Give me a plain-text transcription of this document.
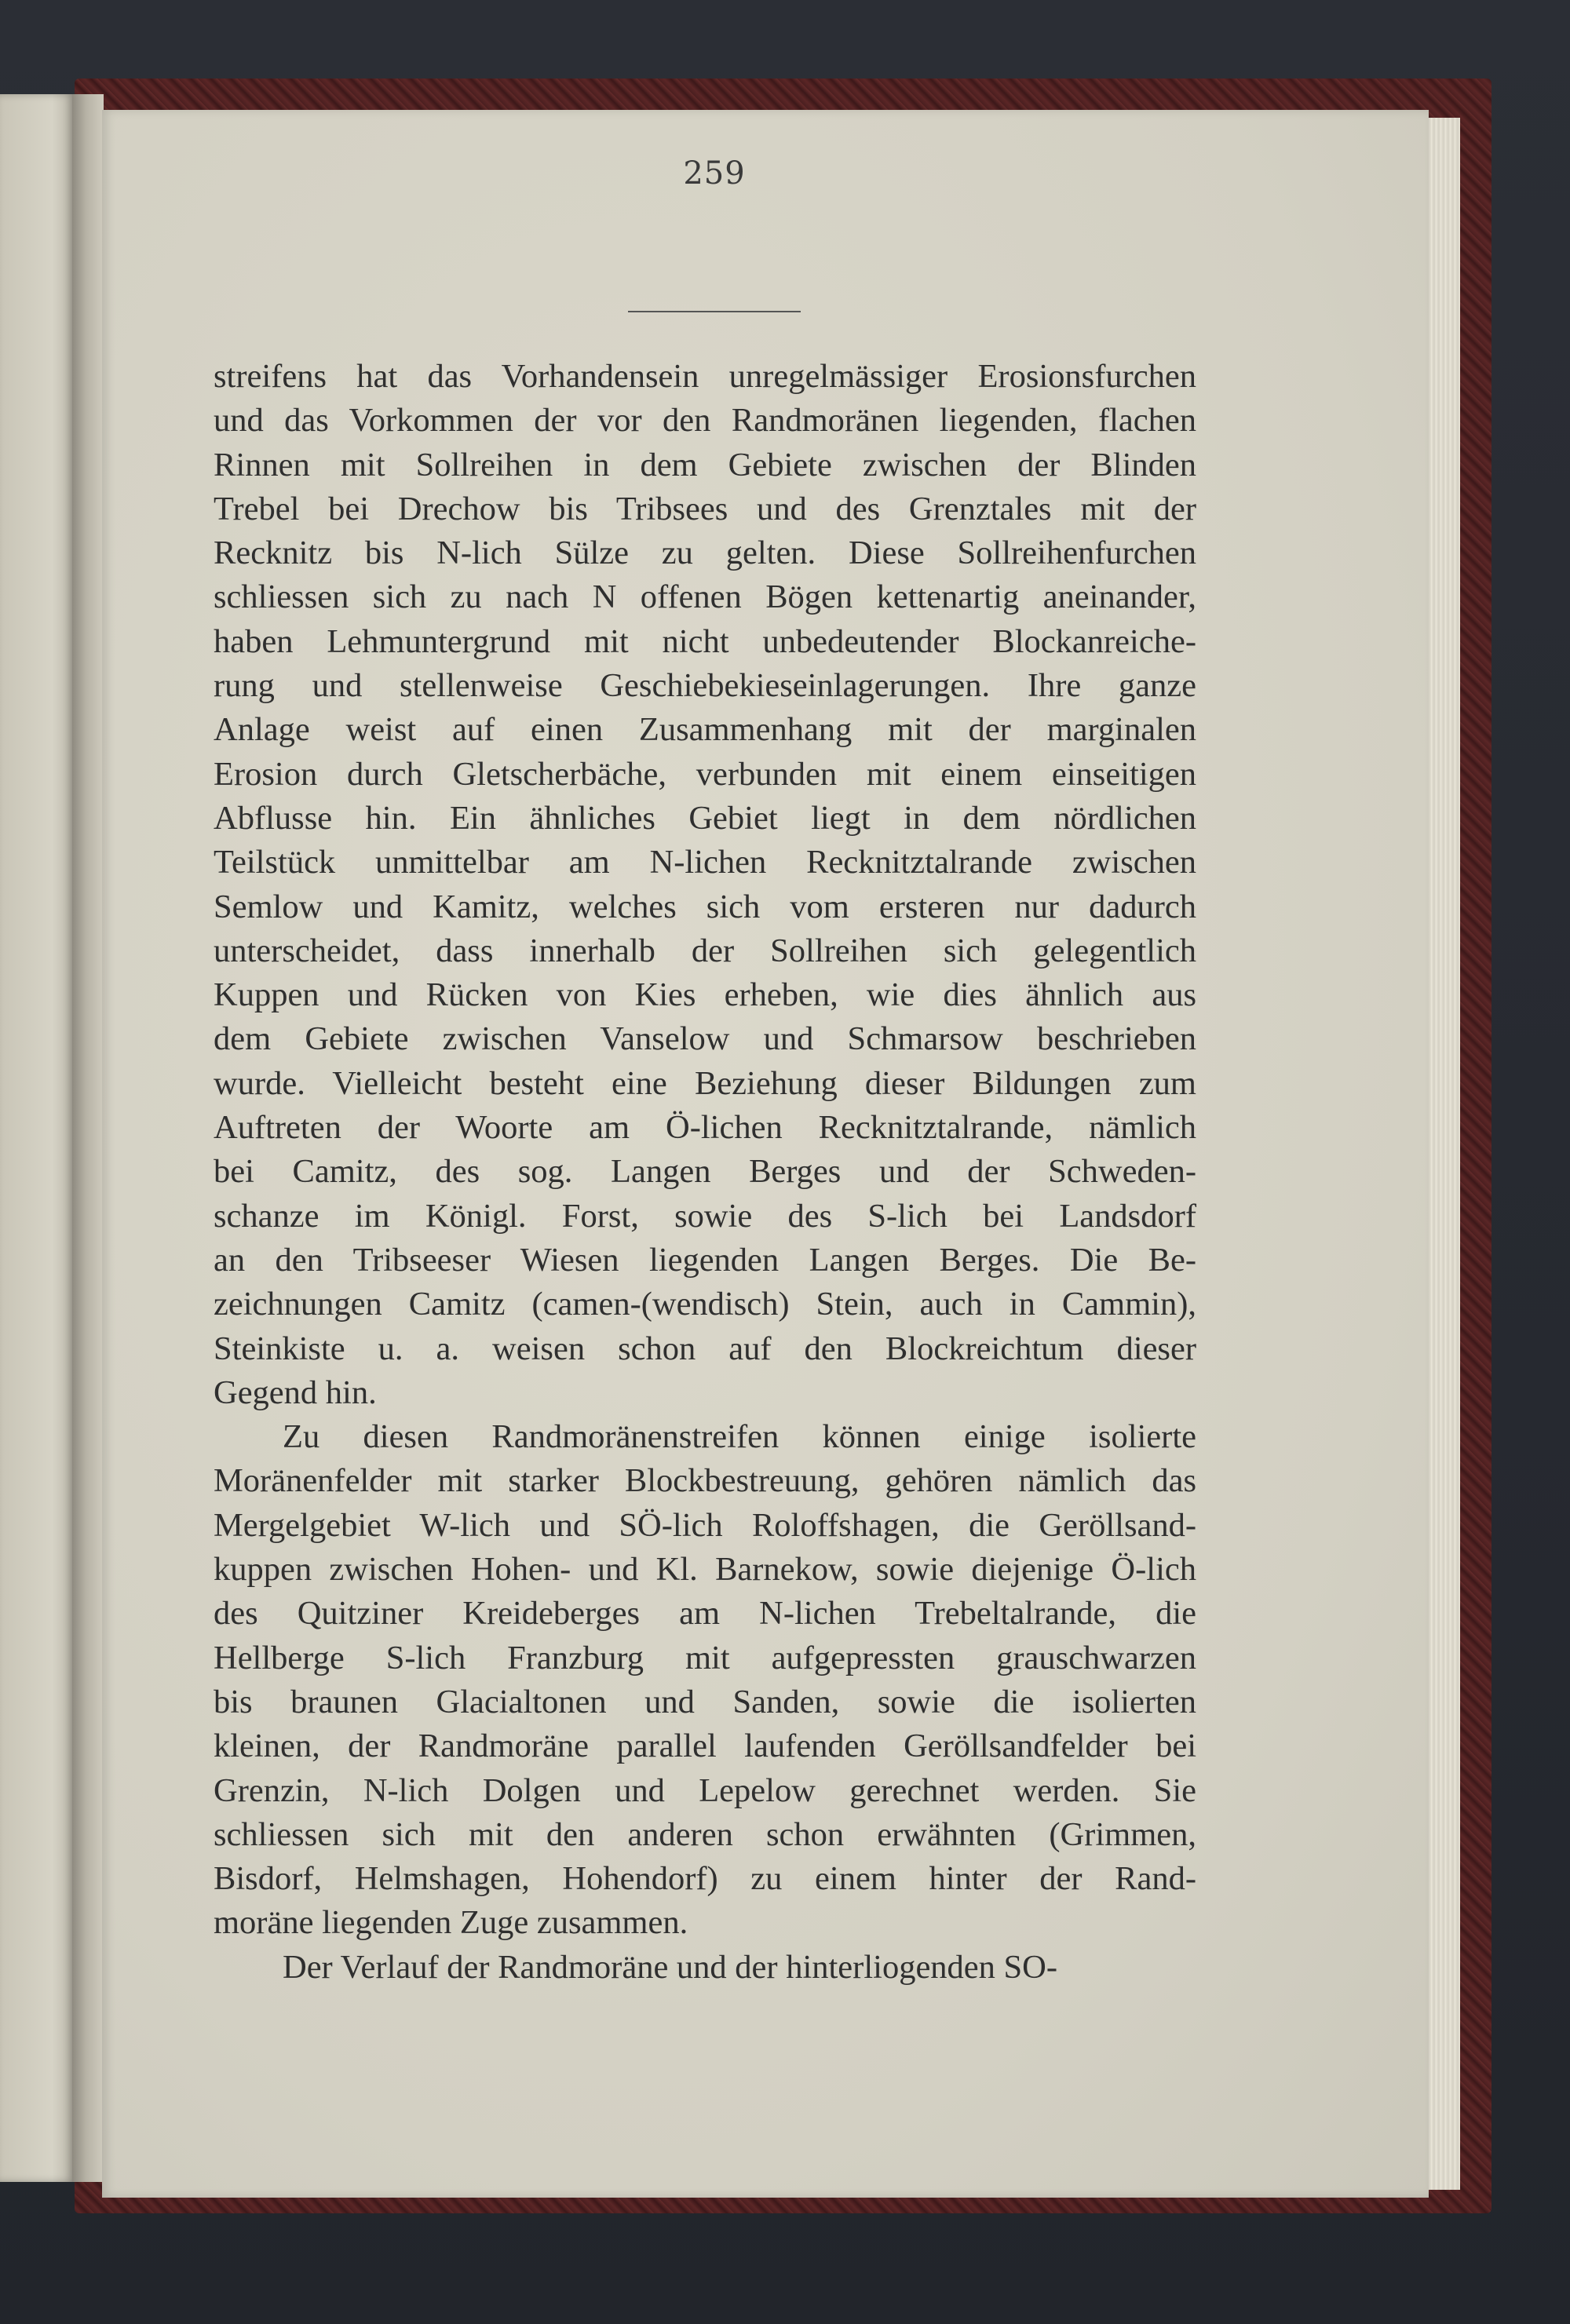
259
streifens hat das Vorhandensein unregelmässiger Erosionsfurchen
und das Vorkommen der vor den Randmoränen liegenden, flachen
Rinnen mit Sollreihen in dem Gebiete zwischen der Blinden
Trebel bei Drechow bis Tribsees und des Grenztales mit der
Recknitz bis N-lich Sülze zu gelten. Diese Sollreihenfurchen
schliessen sich zu nach N offenen Bögen kettenartig aneinander,
haben Lehmuntergrund mit nicht unbedeutender Blockanreiche-
rung und stellenweise Geschiebekieseinlagerungen. Ihre ganze
Anlage weist auf einen Zusammenhang mit der marginalen
Erosion durch Gletscherbäche, verbunden mit einem einseitigen
Abflusse hin. Ein ähnliches Gebiet liegt in dem nördlichen
Teilstück unmittelbar am N-lichen Recknitztalrande zwischen
Semlow und Kamitz, welches sich vom ersteren nur dadurch
unterscheidet, dass innerhalb der Sollreihen sich gelegentlich
Kuppen und Rücken von Kies erheben, wie dies ähnlich aus
dem Gebiete zwischen Vanselow und Schmarsow beschrieben
wurde. Vielleicht besteht eine Beziehung dieser Bildungen zum
Auftreten der Woorte am Ö-lichen Recknitztalrande, nämlich
bei Camitz, des sog. Langen Berges und der Schweden-
schanze im Königl. Forst, sowie des S-lich bei Landsdorf
an den Tribseeser Wiesen liegenden Langen Berges. Die Be-
zeichnungen Camitz (camen-(wendisch) Stein, auch in Cammin),
Steinkiste u. a. weisen schon auf den Blockreichtum dieser
Gegend hin.
Zu diesen Randmoränenstreifen können einige isolierte
Moränenfelder mit starker Blockbestreuung, gehören nämlich das
Mergelgebiet W-lich und SÖ-lich Roloffshagen, die Geröllsand-
kuppen zwischen Hohen- und Kl. Barnekow, sowie diejenige Ö-lich
des Quitziner Kreideberges am N-lichen Trebeltalrande, die
Hellberge S-lich Franzburg mit aufgepressten grauschwarzen
bis braunen Glacialtonen und Sanden, sowie die isolierten
kleinen, der Randmoräne parallel laufenden Geröllsandfelder bei
Grenzin, N-lich Dolgen und Lepelow gerechnet werden. Sie
schliessen sich mit den anderen schon erwähnten (Grimmen,
Bisdorf, Helmshagen, Hohendorf) zu einem hinter der Rand-
moräne liegenden Zuge zusammen.
Der Verlauf der Randmoräne und der hinterliogenden SO-
